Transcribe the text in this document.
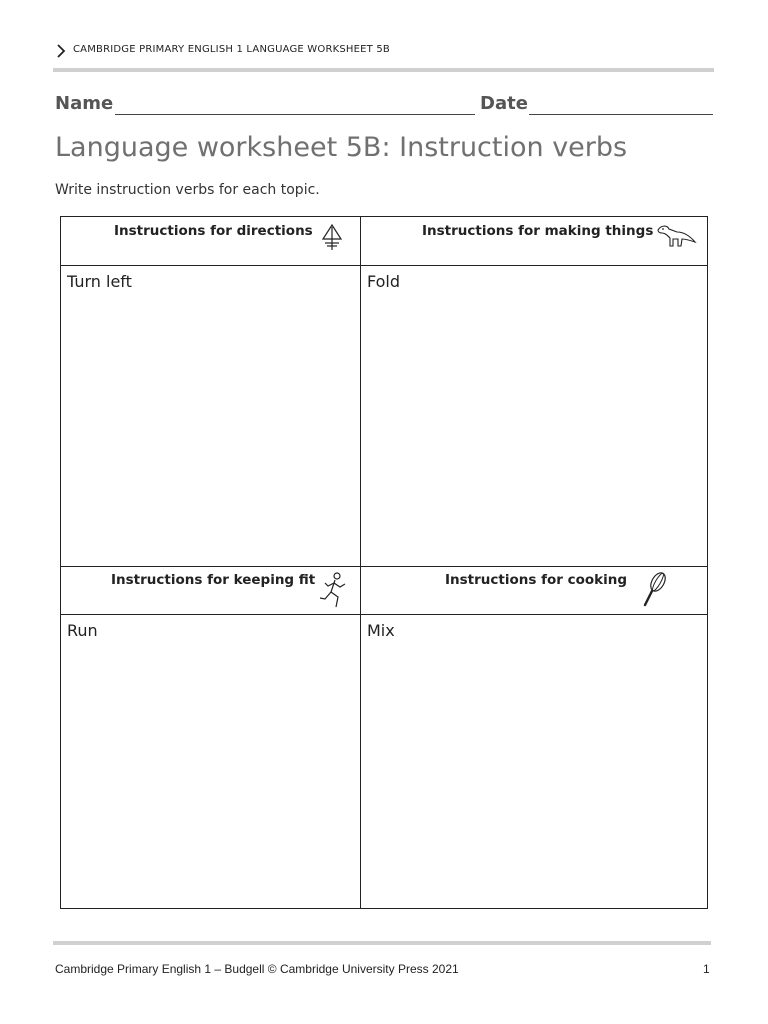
CAMBRIDGE PRIMARY ENGLISH 1 LANGUAGE WORKSHEET 5B
Name	Date
Language worksheet 5B: Instruction verbs
Write instruction verbs for each topic.
Instructions for directions
Turn left
Instructions for making things
Fold
Instructions for keeping fit
Run
Instructions for cooking
Mix
Cambridge Primary English 1 – Budgell © Cambridge University Press 2021	1
